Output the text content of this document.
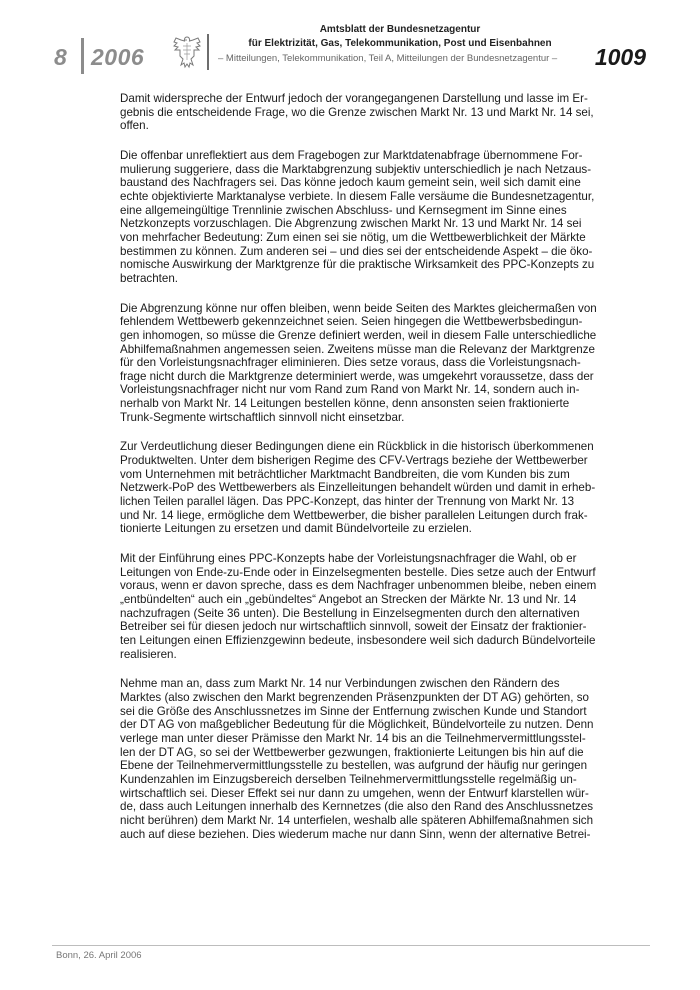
8 2006
Amtsblatt der Bundesnetzagentur
für Elektrizität, Gas, Telekommunikation, Post und Eisenbahnen
– Mitteilungen, Telekommunikation, Teil A, Mitteilungen der Bundesnetzagentur – 1009

Damit widerspreche der Entwurf jedoch der vorangegangenen Darstellung und lasse im Er-
gebnis die entscheidende Frage, wo die Grenze zwischen Markt Nr. 13 und Markt Nr. 14 sei,
offen.

Die offenbar unreflektiert aus dem Fragebogen zur Marktdatenabfrage übernommene For-
mulierung suggeriere, dass die Marktabgrenzung subjektiv unterschiedlich je nach Netzaus-
baustand des Nachfragers sei. Das könne jedoch kaum gemeint sein, weil sich damit eine
echte objektivierte Marktanalyse verbiete. In diesem Falle versäume die Bundesnetzagentur,
eine allgemeingültige Trennlinie zwischen Abschluss- und Kernsegment im Sinne eines
Netzkonzepts vorzuschlagen. Die Abgrenzung zwischen Markt Nr. 13 und Markt Nr. 14 sei
von mehrfacher Bedeutung: Zum einen sei sie nötig, um die Wettbewerblichkeit der Märkte
bestimmen zu können. Zum anderen sei – und dies sei der entscheidende Aspekt – die öko-
nomische Auswirkung der Marktgrenze für die praktische Wirksamkeit des PPC-Konzepts zu
betrachten.

Die Abgrenzung könne nur offen bleiben, wenn beide Seiten des Marktes gleichermaßen von
fehlendem Wettbewerb gekennzeichnet seien. Seien hingegen die Wettbewerbsbedingun-
gen inhomogen, so müsse die Grenze definiert werden, weil in diesem Falle unterschiedliche
Abhilfemaßnahmen angemessen seien. Zweitens müsse man die Relevanz der Marktgrenze
für den Vorleistungsnachfrager eliminieren. Dies setze voraus, dass die Vorleistungsnach-
frage nicht durch die Marktgrenze determiniert werde, was umgekehrt voraussetze, dass der
Vorleistungsnachfrager nicht nur vom Rand zum Rand von Markt Nr. 14, sondern auch in-
nerhalb von Markt Nr. 14 Leitungen bestellen könne, denn ansonsten seien fraktionierte
Trunk-Segmente wirtschaftlich sinnvoll nicht einsetzbar.

Zur Verdeutlichung dieser Bedingungen diene ein Rückblick in die historisch überkommenen
Produktwelten. Unter dem bisherigen Regime des CFV-Vertrags beziehe der Wettbewerber
vom Unternehmen mit beträchtlicher Marktmacht Bandbreiten, die vom Kunden bis zum
Netzwerk-PoP des Wettbewerbers als Einzelleitungen behandelt würden und damit in erheb-
lichen Teilen parallel lägen. Das PPC-Konzept, das hinter der Trennung von Markt Nr. 13
und Nr. 14 liege, ermögliche dem Wettbewerber, die bisher parallelen Leitungen durch frak-
tionierte Leitungen zu ersetzen und damit Bündelvorteile zu erzielen.

Mit der Einführung eines PPC-Konzepts habe der Vorleistungsnachfrager die Wahl, ob er
Leitungen von Ende-zu-Ende oder in Einzelsegmenten bestelle. Dies setze auch der Entwurf
voraus, wenn er davon spreche, dass es dem Nachfrager unbenommen bleibe, neben einem
„entbündelten“ auch ein „gebündeltes“ Angebot an Strecken der Märkte Nr. 13 und Nr. 14
nachzufragen (Seite 36 unten). Die Bestellung in Einzelsegmenten durch den alternativen
Betreiber sei für diesen jedoch nur wirtschaftlich sinnvoll, soweit der Einsatz der fraktionier-
ten Leitungen einen Effizienzgewinn bedeute, insbesondere weil sich dadurch Bündelvorteile
realisieren.

Nehme man an, dass zum Markt Nr. 14 nur Verbindungen zwischen den Rändern des
Marktes (also zwischen den Markt begrenzenden Präsenzpunkten der DT AG) gehörten, so
sei die Größe des Anschlussnetzes im Sinne der Entfernung zwischen Kunde und Standort
der DT AG von maßgeblicher Bedeutung für die Möglichkeit, Bündelvorteile zu nutzen. Denn
verlege man unter dieser Prämisse den Markt Nr. 14 bis an die Teilnehmervermittlungsstel-
len der DT AG, so sei der Wettbewerber gezwungen, fraktionierte Leitungen bis hin auf die
Ebene der Teilnehmervermittlungsstelle zu bestellen, was aufgrund der häufig nur geringen
Kundenzahlen im Einzugsbereich derselben Teilnehmervermittlungsstelle regelmäßig un-
wirtschaftlich sei. Dieser Effekt sei nur dann zu umgehen, wenn der Entwurf klarstellen wür-
de, dass auch Leitungen innerhalb des Kernnetzes (die also den Rand des Anschlussnetzes
nicht berühren) dem Markt Nr. 14 unterfielen, weshalb alle späteren Abhilfemaßnahmen sich
auch auf diese beziehen. Dies wiederum mache nur dann Sinn, wenn der alternative Betrei-

Bonn, 26. April 2006
